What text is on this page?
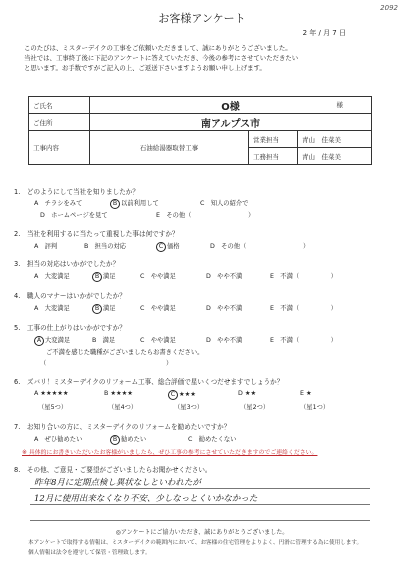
2092
お客様アンケート
2 年 / 月 7 日
このたびは、ミスターデイクの工事をご依頼いただきまして、誠にありがとうございました。
当社では、工事終了後に下記のアンケートに答えていただき、今後の参考にさせていただきたい
と思います。お手数ですがご記入の上、ご返送下さいますようお願い申し上げます。
ご氏名	O様 様		

ご住所	南アルプス市		
工事内容	石油給湯器取替工事	営業担当	青山　佳菜美
		工務担当	青山　佳菜美
1.　どのようにして当社を知りましたか？
A　チラシをみて	B 以前利用して	C　知人の紹介で
D　ホームページを見て	E　その他（　　　　　　　　　）
2.　当社を利用するに当たって重視した事は何ですか？
A　評判	B　担当の対応	C 価格	D　その他（　　　　　　　　　）
3.　担当の対応はいかがでしたか？
A　大変満足	B 満足	C　やや満足	D　やや不満	E　不満（　　　　　）
4.　職人のマナーはいかがでしたか？
A　大変満足	B 満足	C　やや満足	D　やや不満	E　不満（　　　　　）
5.　工事の仕上がりはいかがですか？
A 大変満足	B　満足	C　やや満足	D　やや不満	E　不満（　　　　　）
ご不満を感じた職種がございましたらお書きください。
（　　　　　　　　　　　　　　　　　　　）
6.　ズバリ！ミスターデイクのリフォーム工事、総合評価で星いくつだせますでしょうか？
A ★★★★★	B ★★★★	C ★★★	D ★★	E ★
（星5つ）	（星4つ）	（星3つ）	（星2つ）	（星1つ）
7.　お知り合いの方に、ミスターデイクのリフォームを勧めたいですか？
A　ぜひ勧めたい	B 勧めたい	C　勧めたくない
※ 具体的にお書きいただいたお客様がいましたら、ぜひ工事の参考にさせていただきますのでご連絡ください。
8.　その他、ご意見・ご要望がございましたらお聞かせください。
昨年8月に定期点検し異状なしといわれたが
12月に使用出来なくなり不安、少しなっとくいかなかった
◎アンケートにご協力いただき、誠にありがとうございました。
本アンケートで取得する情報は、ミスターデイクの範囲内において、お客様の住宅管理をよりよく、円滑に管理する為に使用します。
個人情報は法令を遵守して保管・管理致します。
